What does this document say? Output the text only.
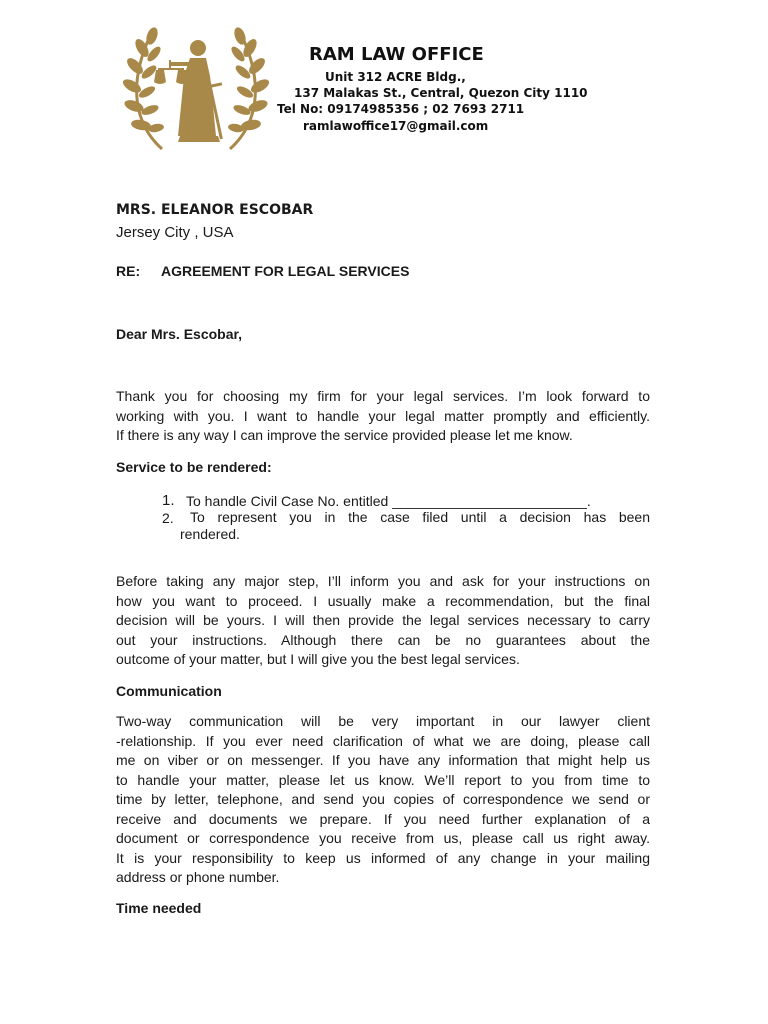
RAM LAW OFFICE
Unit 312 ACRE Bldg.,
137 Malakas St., Central, Quezon City 1110
Tel No: 09174985356 ; 02 7693 2711
ramlawoffice17@gmail.com
MRS. ELEANOR ESCOBAR
Jersey City , USA
RE: AGREEMENT FOR LEGAL SERVICES
Dear Mrs. Escobar,
Thank you for choosing my firm for your legal services. I’m look forward to
working with you. I want to handle your legal matter promptly and efficiently.
If there is any way I can improve the service provided please let me know.
Service to be rendered:
1. To handle Civil Case No. entitled _________________________.
2. To represent you in the case filed until a decision has been
rendered.
Before taking any major step, I’ll inform you and ask for your instructions on
how you want to proceed. I usually make a recommendation, but the final
decision will be yours. I will then provide the legal services necessary to carry
out your instructions. Although there can be no guarantees about the
outcome of your matter, but I will give you the best legal services.
Communication
Two-way communication will be very important in our lawyer client
-relationship. If you ever need clarification of what we are doing, please call
me on viber or on messenger. If you have any information that might help us
to handle your matter, please let us know. We’ll report to you from time to
time by letter, telephone, and send you copies of correspondence we send or
receive and documents we prepare. If you need further explanation of a
document or correspondence you receive from us, please call us right away.
It is your responsibility to keep us informed of any change in your mailing
address or phone number.
Time needed
